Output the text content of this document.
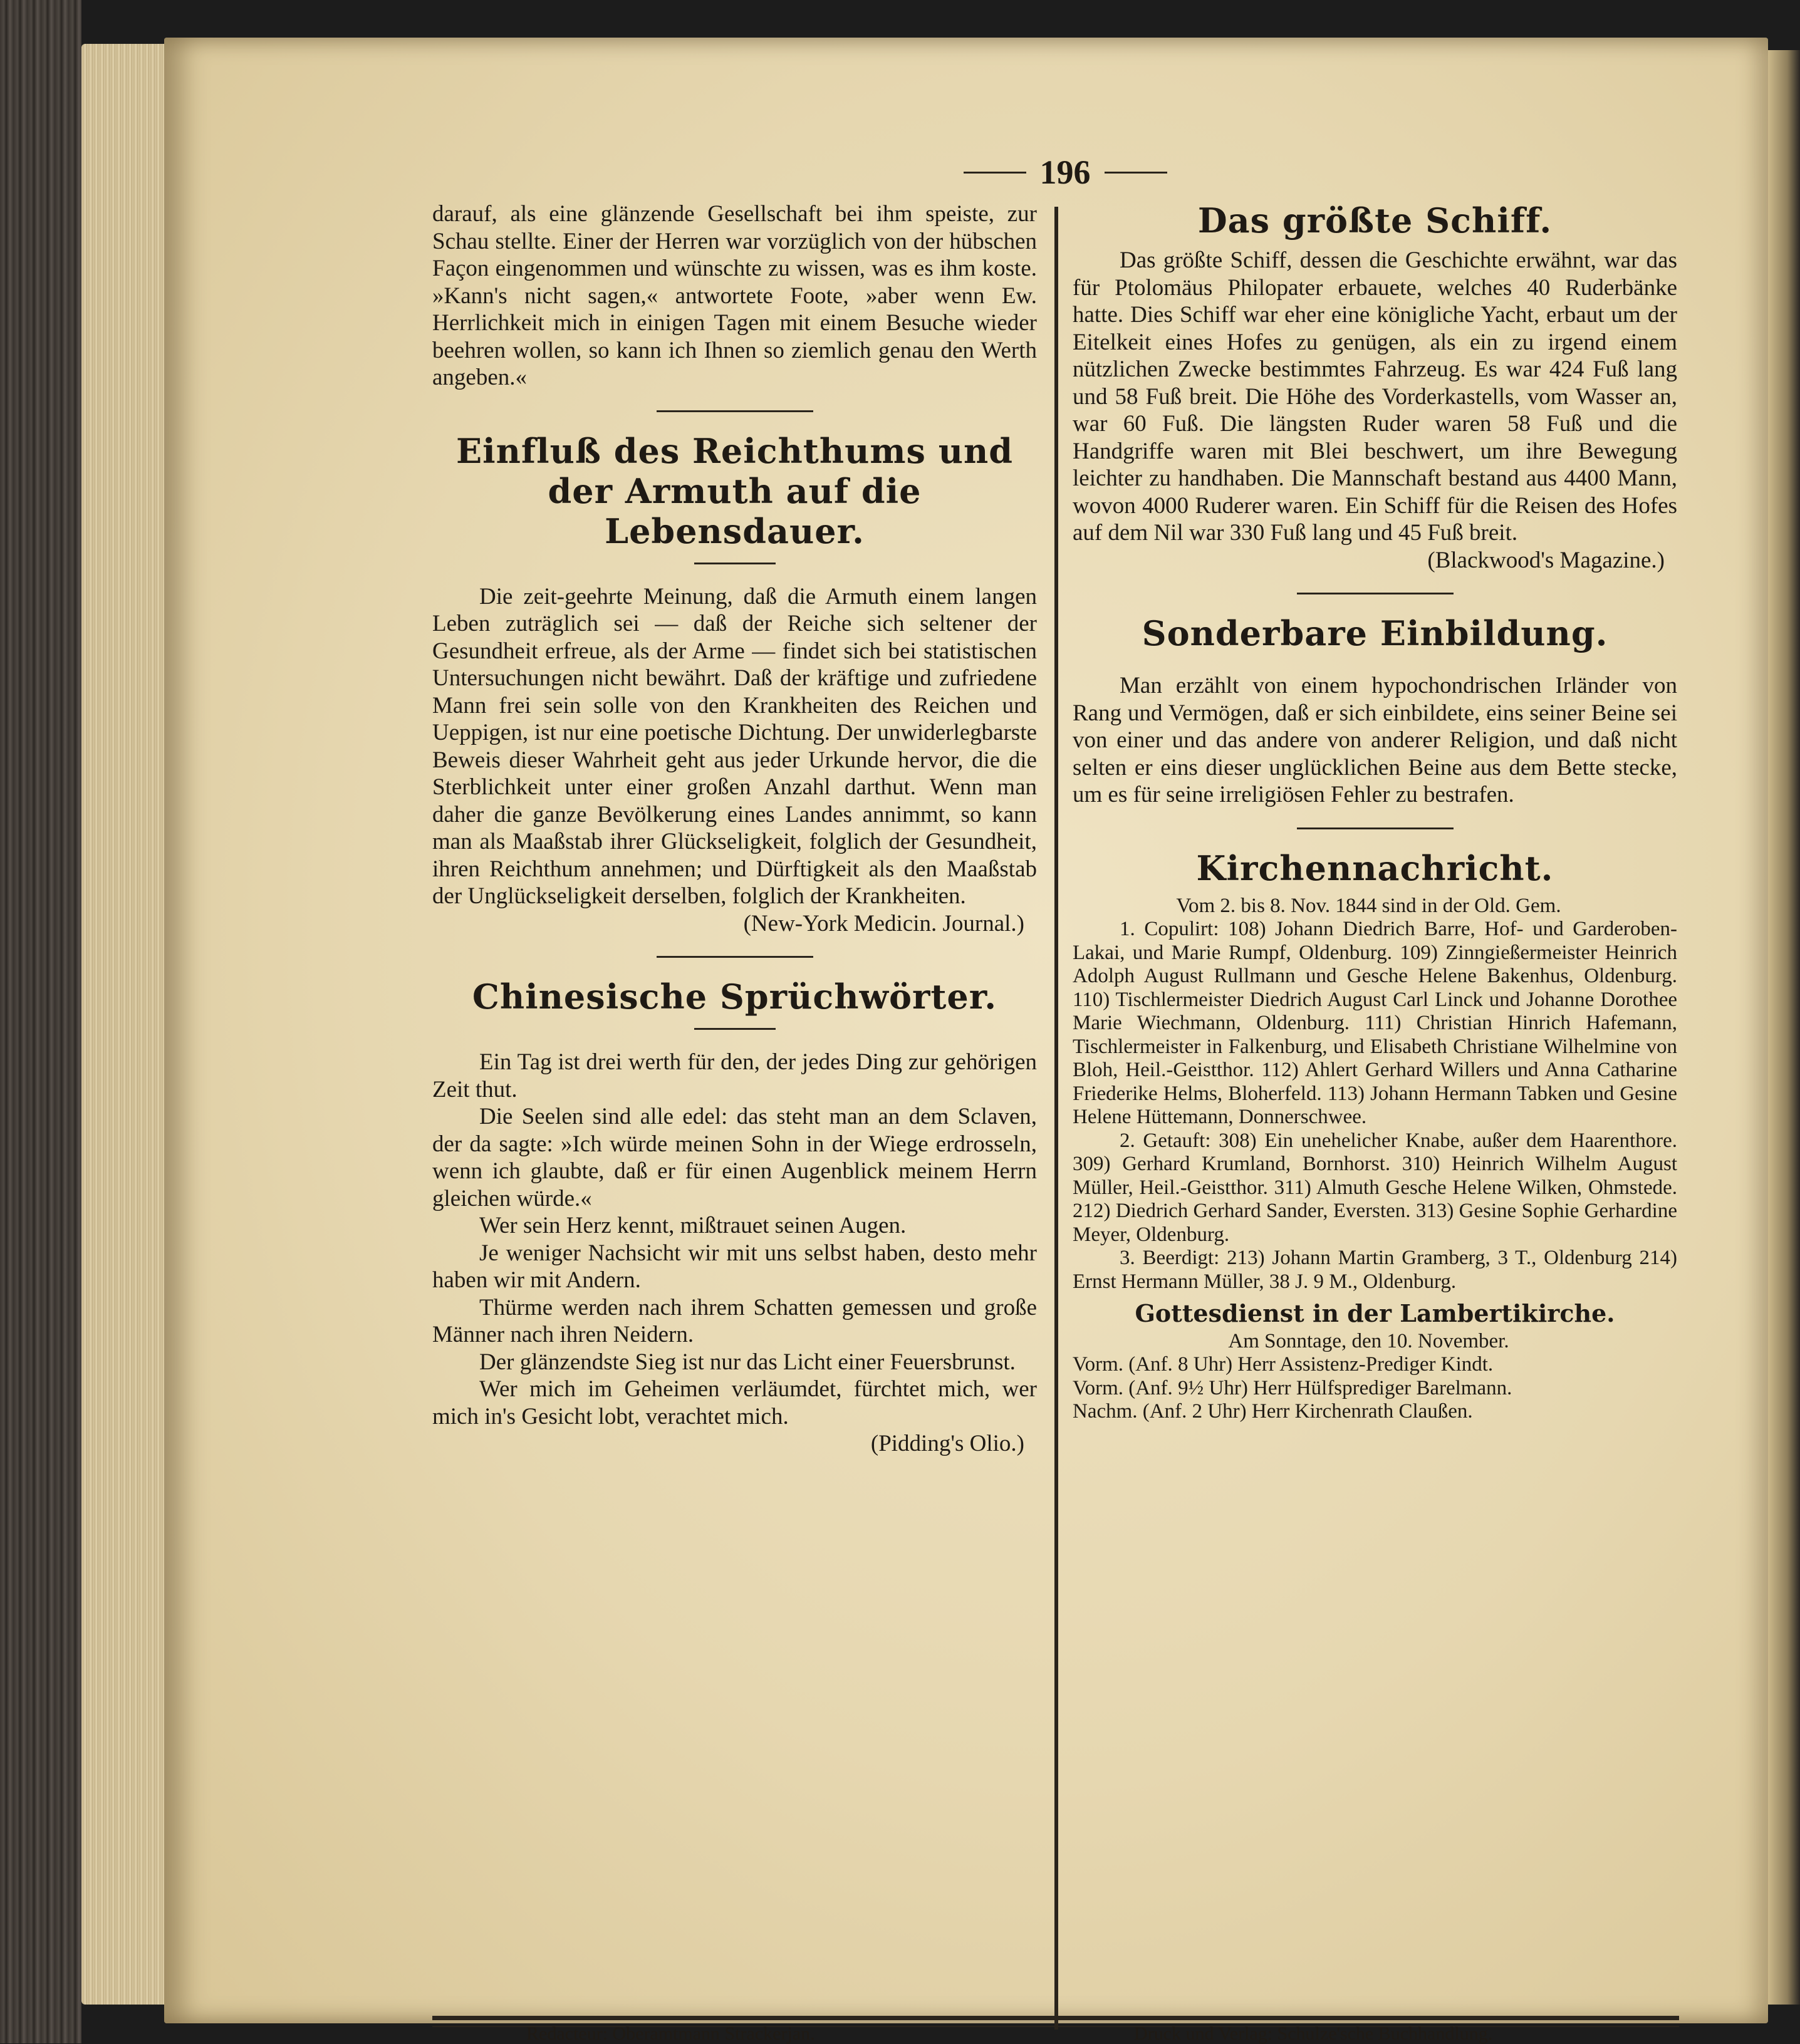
196

darauf, als eine glänzende Gesellschaft bei ihm speiste, zur Schau stellte. Einer der Herren war vorzüglich von der hübschen Façon eingenommen und wünschte zu wissen, was es ihm koste. »Kann's nicht sagen,« antwortete Foote, »aber wenn Ew. Herrlichkeit mich in einigen Tagen mit einem Besuche wieder beehren wollen, so kann ich Ihnen so ziemlich genau den Werth angeben.«

Einfluß des Reichthums und der Armuth auf die Lebensdauer.

Die zeit-geehrte Meinung, daß die Armuth einem langen Leben zuträglich sei — daß der Reiche sich seltener der Gesundheit erfreue, als der Arme — findet sich bei statistischen Untersuchungen nicht bewährt. Daß der kräftige und zufriedene Mann frei sein solle von den Krankheiten des Reichen und Ueppigen, ist nur eine poetische Dichtung. Der unwiderlegbarste Beweis dieser Wahrheit geht aus jeder Urkunde hervor, die die Sterblichkeit unter einer großen Anzahl darthut. Wenn man daher die ganze Bevölkerung eines Landes annimmt, so kann man als Maaßstab ihrer Glückseligkeit, folglich der Gesundheit, ihren Reichthum annehmen; und Dürftigkeit als den Maaßstab der Unglückseligkeit derselben, folglich der Krankheiten.

(New-York Medicin. Journal.)

Chinesische Sprüchwörter.

Ein Tag ist drei werth für den, der jedes Ding zur gehörigen Zeit thut.

Die Seelen sind alle edel: das steht man an dem Sclaven, der da sagte: »Ich würde meinen Sohn in der Wiege erdrosseln, wenn ich glaubte, daß er für einen Augenblick meinem Herrn gleichen würde.«

Wer sein Herz kennt, mißtrauet seinen Augen.

Je weniger Nachsicht wir mit uns selbst haben, desto mehr haben wir mit Andern.

Thürme werden nach ihrem Schatten gemessen und große Männer nach ihren Neidern.

Der glänzendste Sieg ist nur das Licht einer Feuersbrunst.

Wer mich im Geheimen verläumdet, fürchtet mich, wer mich in's Gesicht lobt, verachtet mich.

(Pidding's Olio.)

Das größte Schiff.

Das größte Schiff, dessen die Geschichte erwähnt, war das für Ptolomäus Philopater erbauete, welches 40 Ruderbänke hatte. Dies Schiff war eher eine königliche Yacht, erbaut um der Eitelkeit eines Hofes zu genügen, als ein zu irgend einem nützlichen Zwecke bestimmtes Fahrzeug. Es war 424 Fuß lang und 58 Fuß breit. Die Höhe des Vorderkastells, vom Wasser an, war 60 Fuß. Die längsten Ruder waren 58 Fuß und die Handgriffe waren mit Blei beschwert, um ihre Bewegung leichter zu handhaben. Die Mannschaft bestand aus 4400 Mann, wovon 4000 Ruderer waren. Ein Schiff für die Reisen des Hofes auf dem Nil war 330 Fuß lang und 45 Fuß breit.

(Blackwood's Magazine.)

Sonderbare Einbildung.

Man erzählt von einem hypochondrischen Irländer von Rang und Vermögen, daß er sich einbildete, eins seiner Beine sei von einer und das andere von anderer Religion, und daß nicht selten er eins dieser unglücklichen Beine aus dem Bette stecke, um es für seine irreligiösen Fehler zu bestrafen.

Kirchennachricht.

Vom 2. bis 8. Nov. 1844 sind in der Old. Gem.

1. Copulirt: 108) Johann Diedrich Barre, Hof- und Garderoben-Lakai, und Marie Rumpf, Oldenburg. 109) Zinngießermeister Heinrich Adolph August Rullmann und Gesche Helene Bakenhus, Oldenburg. 110) Tischlermeister Diedrich August Carl Linck und Johanne Dorothee Marie Wiechmann, Oldenburg. 111) Christian Hinrich Hafemann, Tischlermeister in Falkenburg, und Elisabeth Christiane Wilhelmine von Bloh, Heil.-Geistthor. 112) Ahlert Gerhard Willers und Anna Catharine Friederike Helms, Bloherfeld. 113) Johann Hermann Tabken und Gesine Helene Hüttemann, Donnerschwee.

2. Getauft: 308) Ein unehelicher Knabe, außer dem Haarenthore. 309) Gerhard Krumland, Bornhorst. 310) Heinrich Wilhelm August Müller, Heil.-Geistthor. 311) Almuth Gesche Helene Wilken, Ohmstede. 212) Diedrich Gerhard Sander, Eversten. 313) Gesine Sophie Gerhardine Meyer, Oldenburg.

3. Beerdigt: 213) Johann Martin Gramberg, 3 T., Oldenburg 214) Ernst Hermann Müller, 38 J. 9 M., Oldenburg.

Gottesdienst in der Lambertikirche.

Am Sonntage, den 10. November.

Vorm. (Anf. 8 Uhr) Herr Assistenz-Prediger Kindt.

Vorm. (Anf. 9½ Uhr) Herr Hülfsprediger Barelmann.

Nachm. (Anf. 2 Uhr) Herr Kirchenrath Claußen.

Redacteur: Oberamtmann Strackerjan.	Druck und Verlag: Schulze'sche Buchhandlung.
